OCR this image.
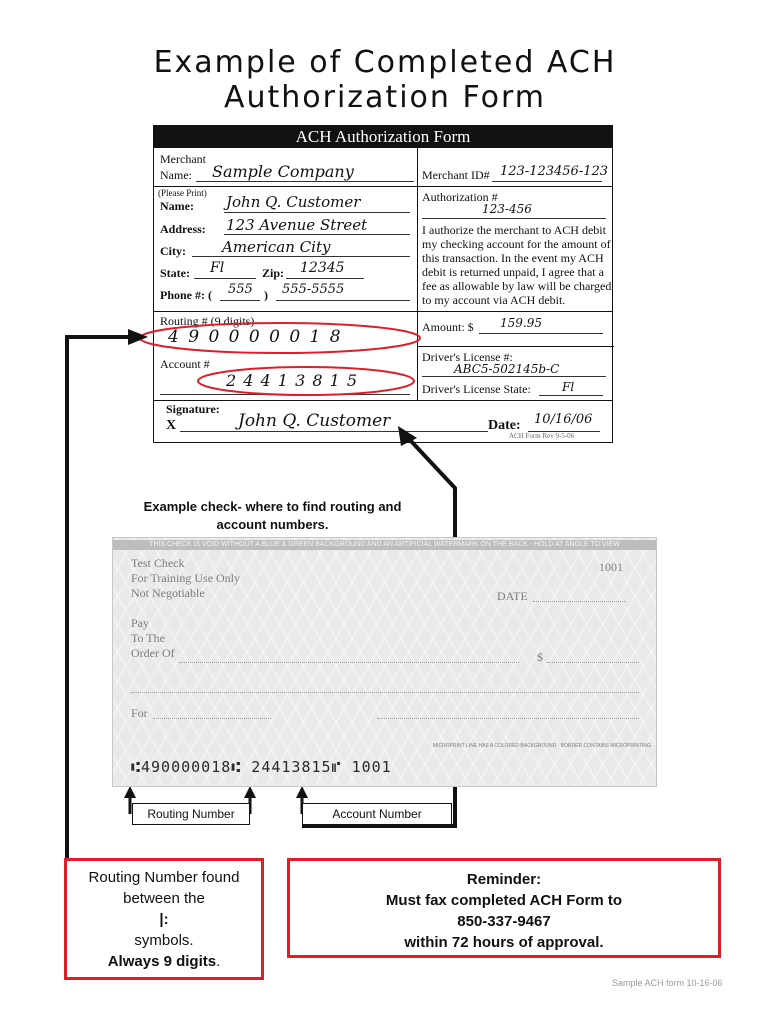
Example of Completed ACH
Authorization Form
ACH Authorization Form
Merchant
Name: Sample Company	Merchant ID# 123-123456-123
(Please Print)
Name: John Q. Customer
Address: 123 Avenue Street
City: American City
State: Fl	Zip: 12345
Phone #: ( 555 ) 555-5555
Authorization #
123-456
I authorize the merchant to ACH debit
my checking account for the amount of
this transaction. In the event my ACH
debit is returned unpaid, I agree that a
fee as allowable by law will be charged
to my account via ACH debit.
Routing # (9 digits)
4 9 0 0 0 0 0 1 8	Amount: $ 159.95
Account #
2 4 4 1 3 8 1 5
Driver's License #:
ABC5-502145b-C
Driver's License State:	Fl
Signature:
X	John Q. Customer	Date: 10/16/06
ACH Form Rev 9-5-06
Example check- where to find routing and
account numbers.
THIS CHECK IS VOID WITHOUT A BLUE & GREEN BACKGROUND AND AN ARTIFICIAL WATERMARK ON THE BACK - HOLD AT ANGLE TO VIEW
Test Check
For Training Use Only
Not Negotiable
1001
DATE
Pay
To The
Order Of	$
For
MICROPRINT LINE HAS A COLORED BACKGROUND - BORDER CONTAINS MICROPRINTING
⑆490000018⑆ 24413815⑈ 1001
Routing Number	Account Number
Routing Number found
between the
|:
symbols.
Always 9 digits.
Reminder:
Must fax completed ACH Form to
850-337-9467
within 72 hours of approval.
Sample ACH form 10-16-06
